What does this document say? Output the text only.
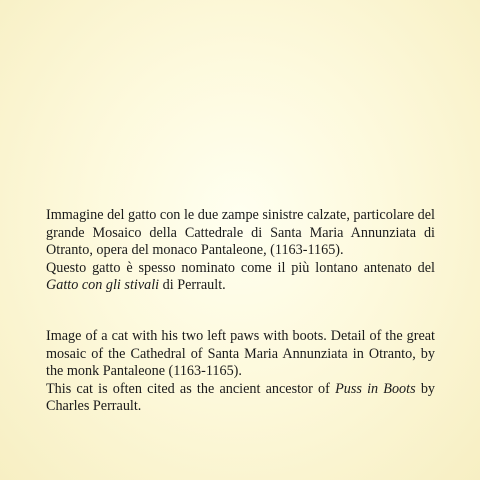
Immagine del gatto con le due zampe sinistre calzate, particolare del grande Mosaico della Cattedrale di Santa Maria Annunziata di Otranto, opera del monaco Pantaleone, (1163-1165).

Questo gatto è spesso nominato come il più lontano antenato del Gatto con gli stivali di Perrault.

Image of a cat with his two left paws with boots. Detail of the great mosaic of the Cathedral of Santa Maria Annunziata in Otranto, by the monk Pantaleone (1163-1165).

This cat is often cited as the ancient ancestor of Puss in Boots by Charles Perrault.
